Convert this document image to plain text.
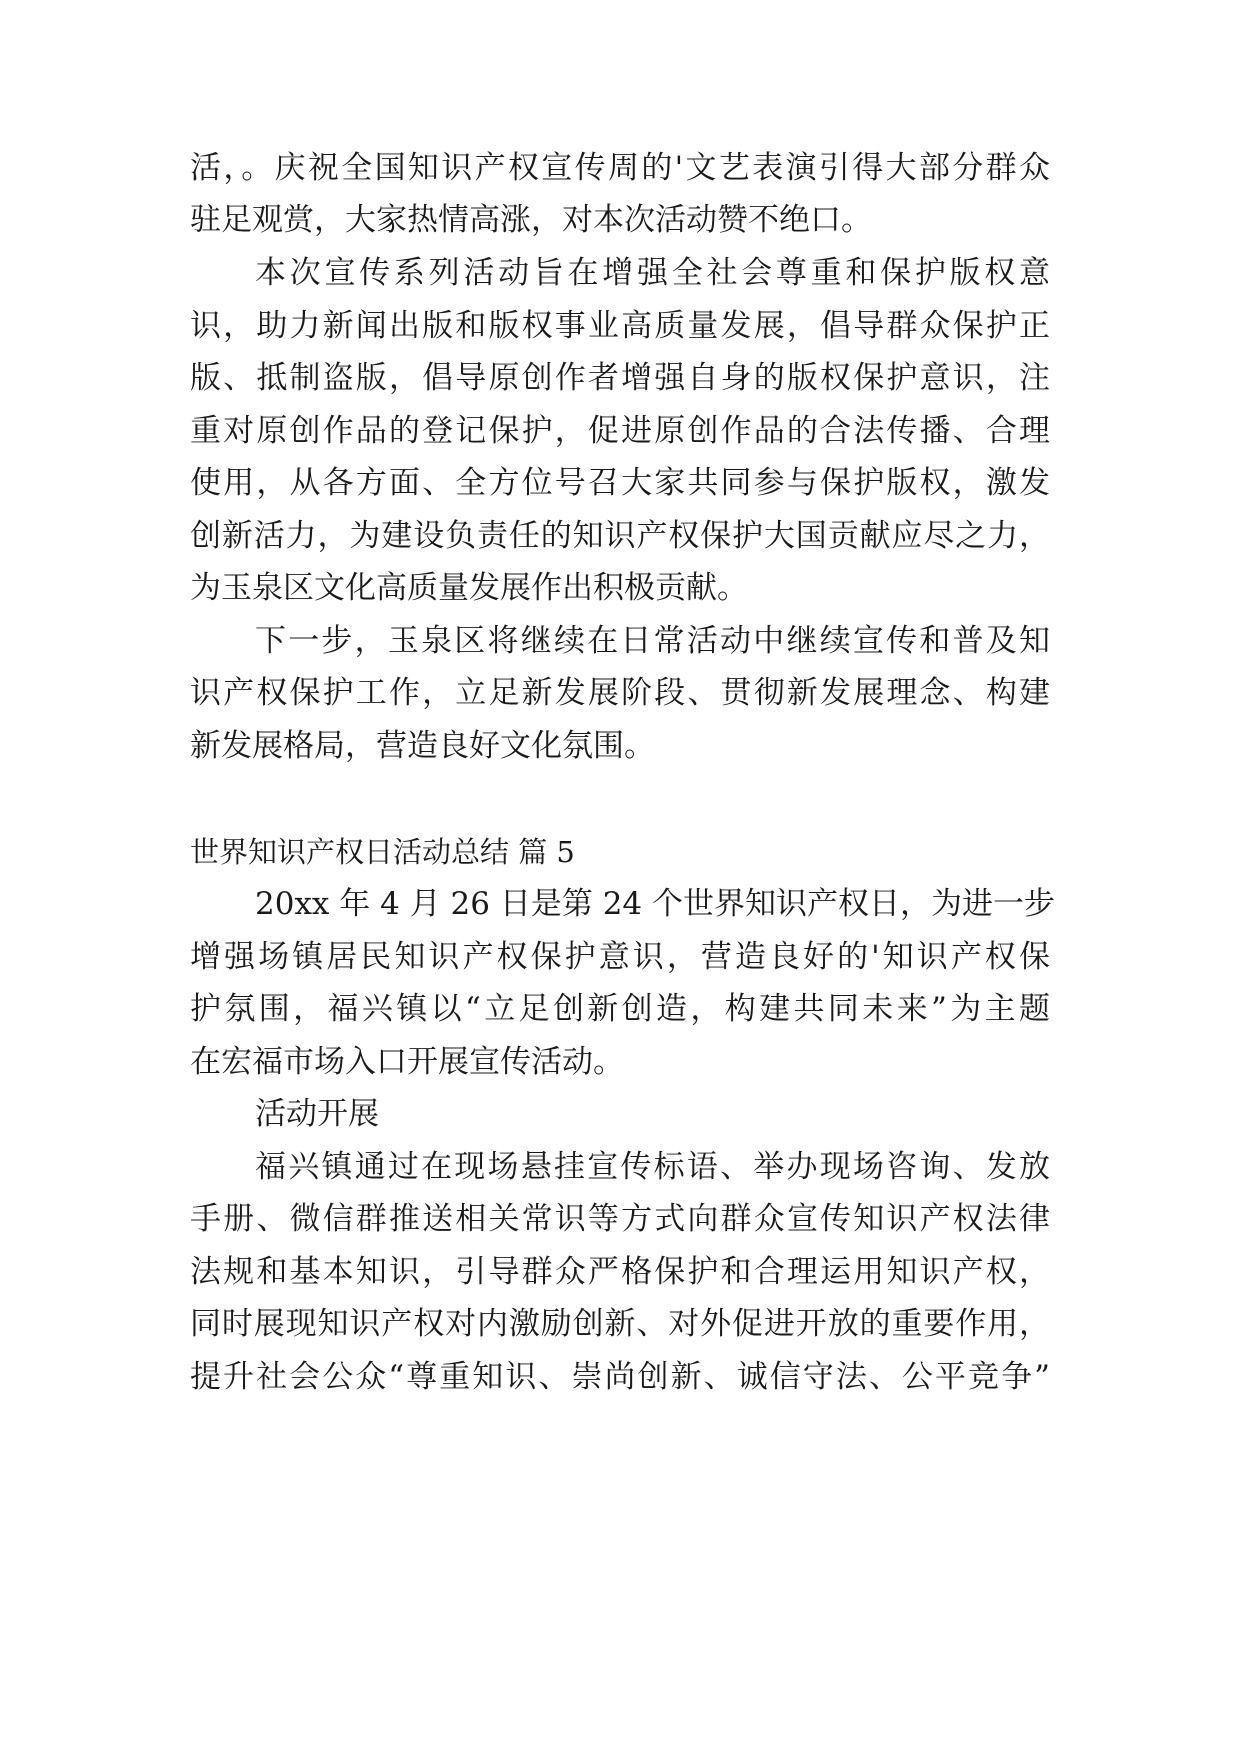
活，。庆祝全国知识产权宣传周的'文艺表演引得大部分群众
驻足观赏，大家热情高涨，对本次活动赞不绝口。
本次宣传系列活动旨在增强全社会尊重和保护版权意
识，助力新闻出版和版权事业高质量发展，倡导群众保护正
版、抵制盗版，倡导原创作者增强自身的版权保护意识，注
重对原创作品的登记保护，促进原创作品的合法传播、合理
使用，从各方面、全方位号召大家共同参与保护版权，激发
创新活力，为建设负责任的知识产权保护大国贡献应尽之力，
为玉泉区文化高质量发展作出积极贡献。
下一步，玉泉区将继续在日常活动中继续宣传和普及知
识产权保护工作，立足新发展阶段、贯彻新发展理念、构建
新发展格局，营造良好文化氛围。
世界知识产权日活动总结 篇 5
20xx 年 4 月 26 日是第 24 个世界知识产权日，为进一步
增强场镇居民知识产权保护意识，营造良好的'知识产权保
护氛围，福兴镇以“立足创新创造，构建共同未来”为主题
在宏福市场入口开展宣传活动。
活动开展
福兴镇通过在现场悬挂宣传标语、举办现场咨询、发放
手册、微信群推送相关常识等方式向群众宣传知识产权法律
法规和基本知识，引导群众严格保护和合理运用知识产权，
同时展现知识产权对内激励创新、对外促进开放的重要作用，
提升社会公众“尊重知识、崇尚创新、诚信守法、公平竞争”
